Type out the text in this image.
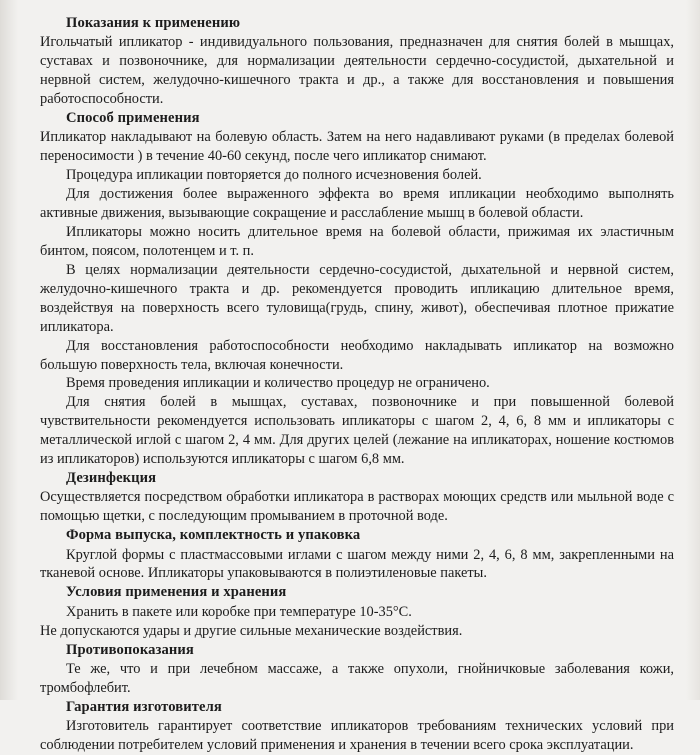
Показания к применению

Игольчатый ипликатор - индивидуального пользования, предназначен для снятия болей в мышцах, суставах и позвоночнике, для нормализации деятельности сердечно-сосудистой, дыхательной и нервной систем, желудочно-кишечного тракта и др., а также для восстановления и повышения работоспособности.

Способ применения

Ипликатор накладывают на болевую область. Затем на него надавливают руками (в пределах болевой переносимости ) в течение 40-60 секунд, после чего ипликатор снимают.

Процедура ипликации повторяется до полного исчезновения болей.

Для достижения более выраженного эффекта во время ипликации необходимо выполнять активные движения, вызывающие сокращение и расслабление мышц в болевой области.

Ипликаторы можно носить длительное время на болевой области, прижимая их эластичным бинтом, поясом, полотенцем и т. п.

В целях нормализации деятельности сердечно-сосудистой, дыхательной и нервной систем, желудочно-кишечного тракта и др. рекомендуется проводить ипликацию длительное время, воздействуя на поверхность всего туловища(грудь, спину, живот), обеспечивая плотное прижатие ипликатора.

Для восстановления работоспособности необходимо накладывать ипликатор на возможно большую поверхность тела, включая конечности.

Время проведения ипликации и количество процедур не ограничено.

Для снятия болей в мышцах, суставах, позвоночнике и при повышенной болевой чувствительности рекомендуется использовать ипликаторы с шагом 2, 4, 6, 8 мм и ипликаторы с металлической иглой с шагом 2, 4 мм. Для других целей (лежание на ипликаторах, ношение костюмов из ипликаторов) используются ипликаторы с шагом 6,8 мм.

Дезинфекция

Осуществляется посредством обработки ипликатора в растворах моющих средств или мыльной воде с помощью щетки, с последующим промыванием в проточной воде.

Форма выпуска, комплектность и упаковка

Круглой формы с пластмассовыми иглами с шагом между ними 2, 4, 6, 8 мм, закрепленными на тканевой основе. Ипликаторы упаковываются в полиэтиленовые пакеты.

Условия применения и хранения

Хранить в пакете или коробке при температуре 10-35°С.

Не допускаются удары и другие сильные механические воздействия.

Противопоказания

Те же, что и при лечебном массаже, а также опухоли, гнойничковые заболевания кожи, тромбофлебит.

Гарантия изготовителя

Изготовитель гарантирует соответствие ипликаторов требованиям технических условий при соблюдении потребителем условий применения и хранения в течении всего срока эксплуатации.
